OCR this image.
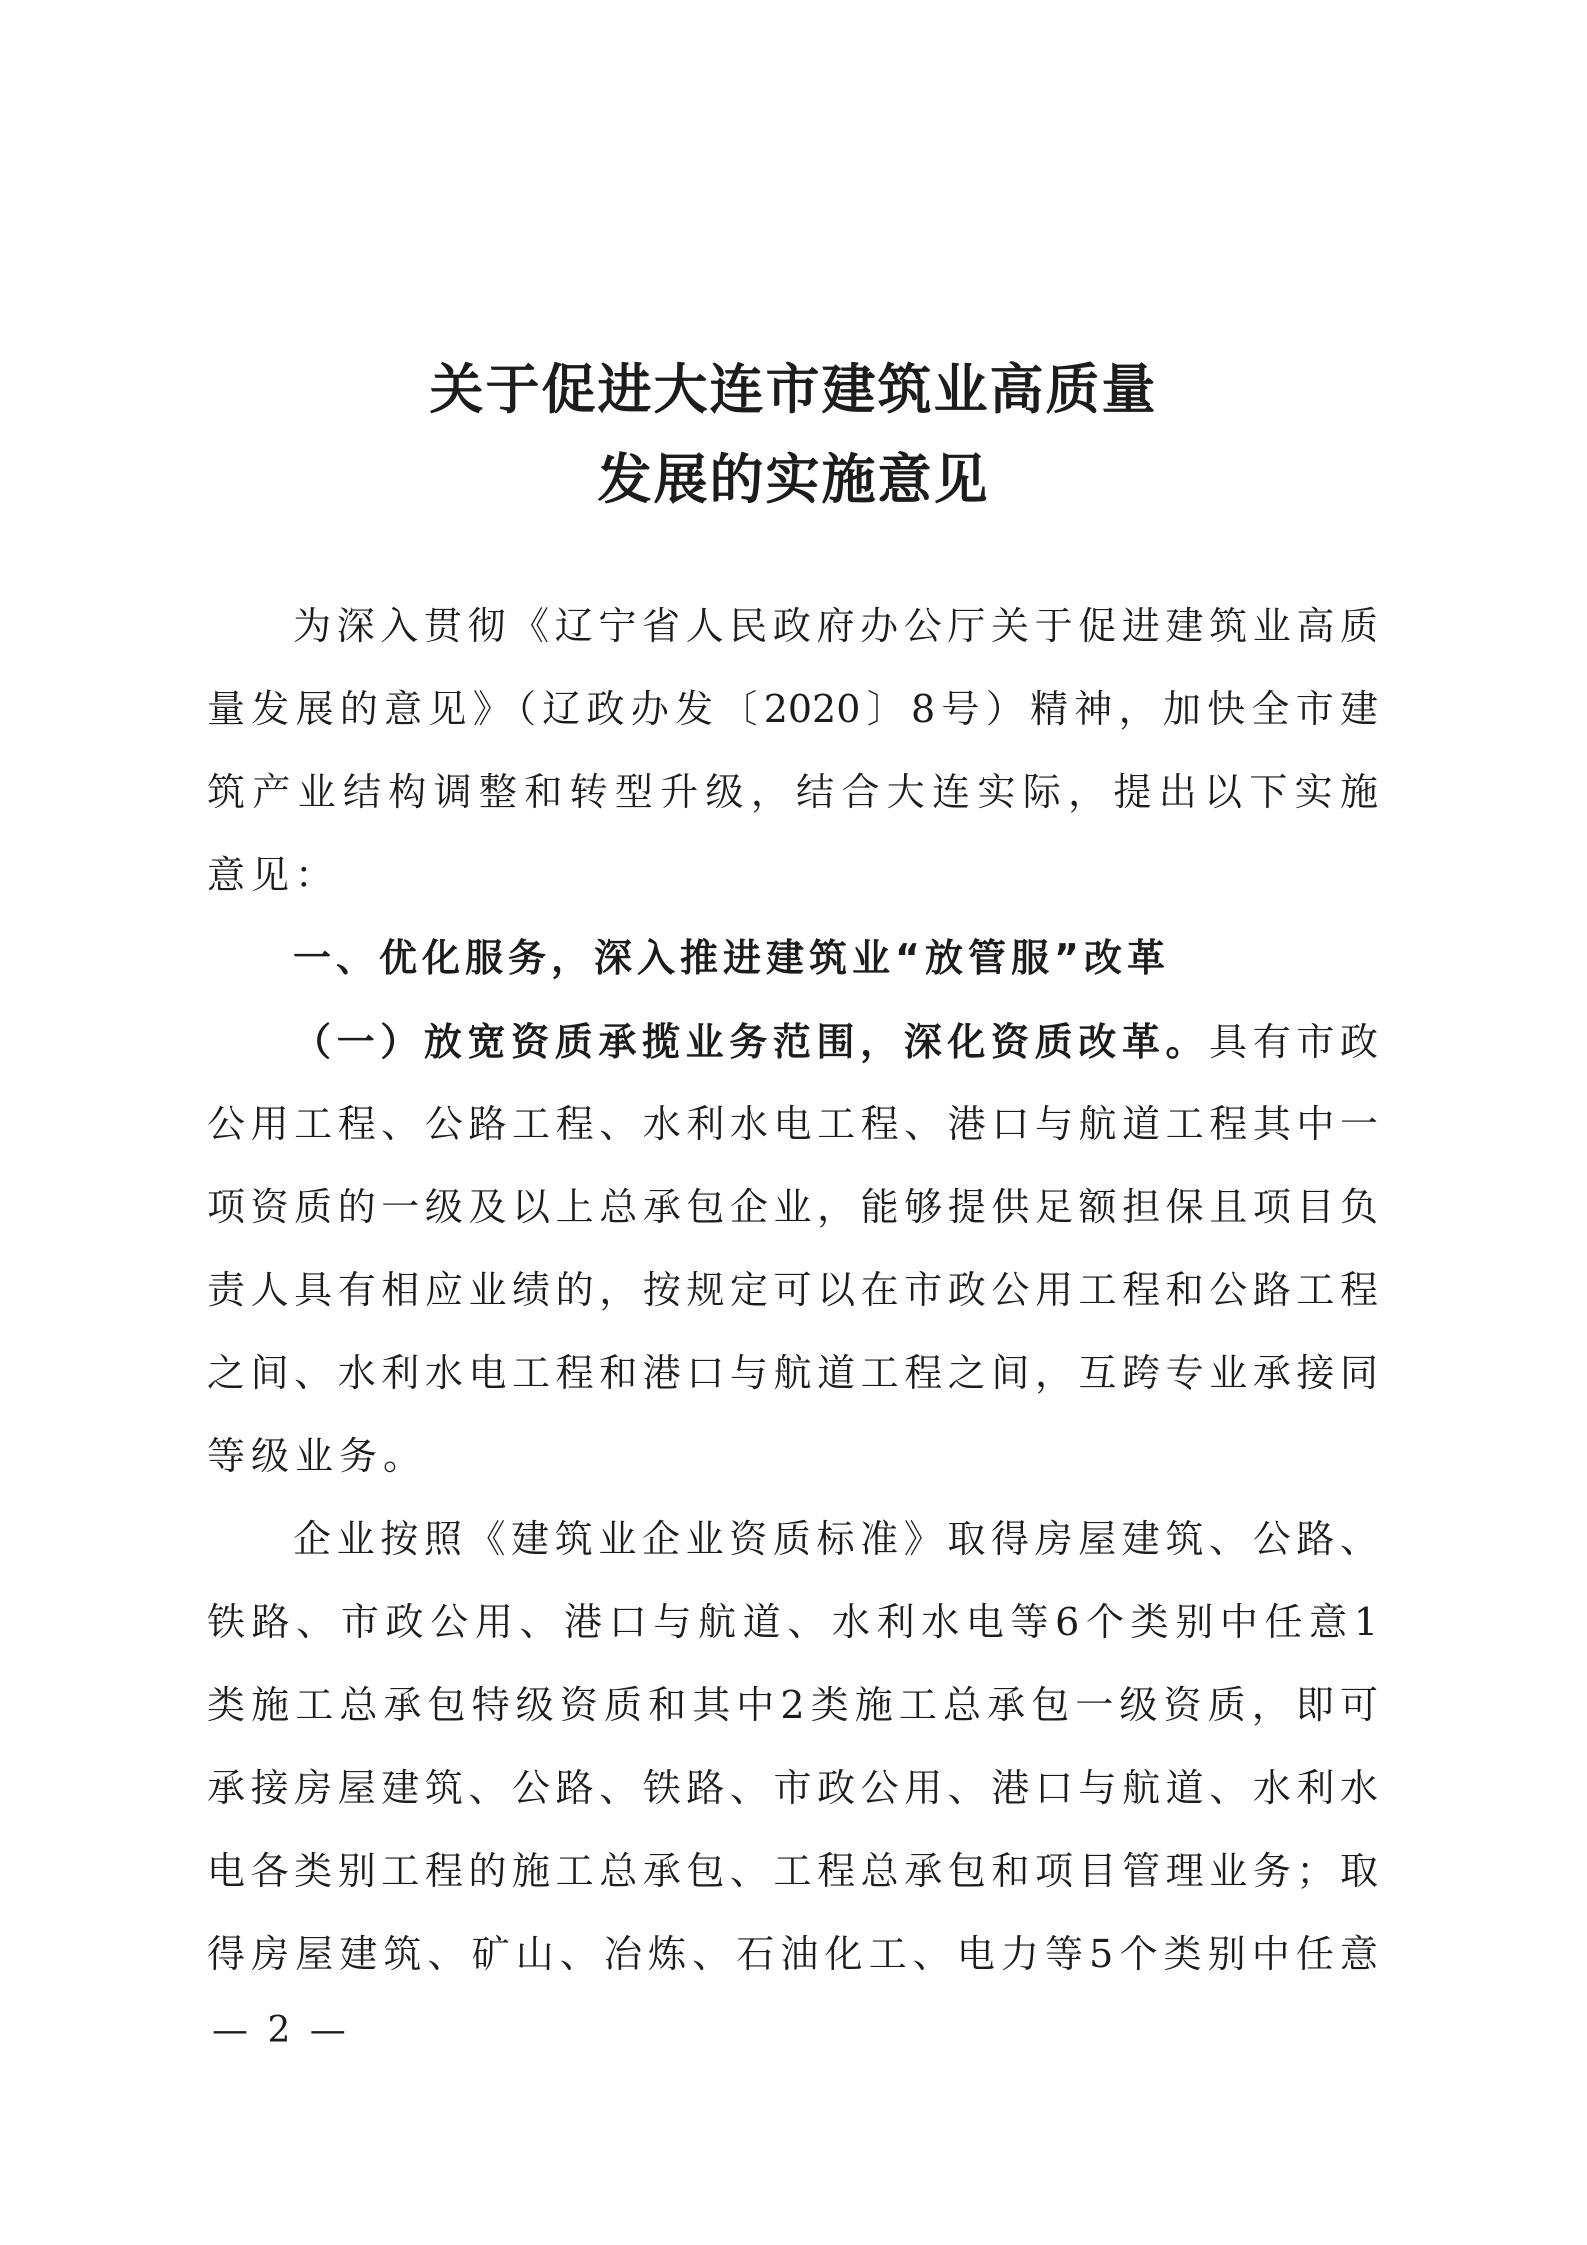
关于促进大连市建筑业高质量
发展的实施意见
为深入贯彻《辽宁省人民政府办公厅关于促进建筑业高质
量发展的意见》（辽政办发〔2020〕8号）精神，加快全市建
筑产业结构调整和转型升级，结合大连实际，提出以下实施
意见：
一、优化服务，深入推进建筑业“放管服”改革
（一）放宽资质承揽业务范围，深化资质改革。具有市政
公用工程、公路工程、水利水电工程、港口与航道工程其中一
项资质的一级及以上总承包企业，能够提供足额担保且项目负
责人具有相应业绩的，按规定可以在市政公用工程和公路工程
之间、水利水电工程和港口与航道工程之间，互跨专业承接同
等级业务。
企业按照《建筑业企业资质标准》取得房屋建筑、公路、
铁路、市政公用、港口与航道、水利水电等6个类别中任意1
类施工总承包特级资质和其中2类施工总承包一级资质，即可
承接房屋建筑、公路、铁路、市政公用、港口与航道、水利水
电各类别工程的施工总承包、工程总承包和项目管理业务；取
得房屋建筑、矿山、冶炼、石油化工、电力等5个类别中任意
— 2 —
